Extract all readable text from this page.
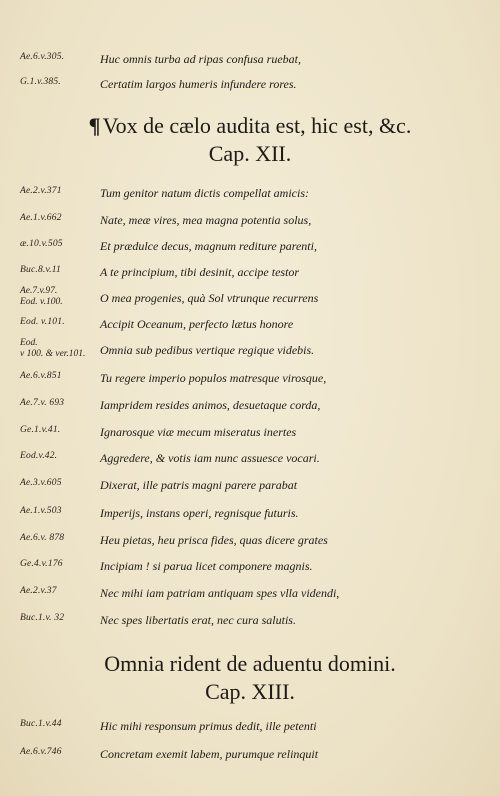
Ae.6.v.305.	Huc omnis turba ad ripas confusa ruebat,
G.1.v.385.	Certatim largos humeris infundere rores.
¶Vox de cælo audita est, hic est, &c.
Cap. XII.
Ae.2.v.371	Tum genitor natum dictis compellat amicis:
Ae.1.v.662	Nate, meæ vires, mea magna potentia solus,
æ.10.v.505	Et prædulce decus, magnum rediture parenti,
Buc.8.v.11	A te principium, tibi desinit, accipe testor
Ae.7.v.97.
Eod. v.100.	O mea progenies, quà Sol vtrunque recurrens
Eod. v.101.	Accipit Oceanum, perfecto lætus honore
Eod.
v 100. & ver.101.	Omnia sub pedibus vertique regique videbis.
Ae.6.v.851	Tu regere imperio populos matresque virosque,
Ae.7.v. 693	Iampridem resides animos, desuetaque corda,
Ge.1.v.41.	Ignarosque viæ mecum miseratus inertes
Eod.v.42.	Aggredere, & votis iam nunc assuesce vocari.
Ae.3.v.605	Dixerat, ille patris magni parere parabat
Ae.1.v.503	Imperijs, instans operi, regnisque futuris.
Ae.6.v. 878	Heu pietas, heu prisca fides, quas dicere grates
Ge.4.v.176	Incipiam ! si parua licet componere magnis.
Ae.2.v.37	Nec mihi iam patriam antiquam spes vlla videndi,
Buc.1.v. 32	Nec spes libertatis erat, nec cura salutis.
Omnia rident de aduentu domini.
Cap. XIII.
Buc.1.v.44	Hic mihi responsum primus dedit, ille petenti
Ae.6.v.746	Concretam exemit labem, purumque relinquit
